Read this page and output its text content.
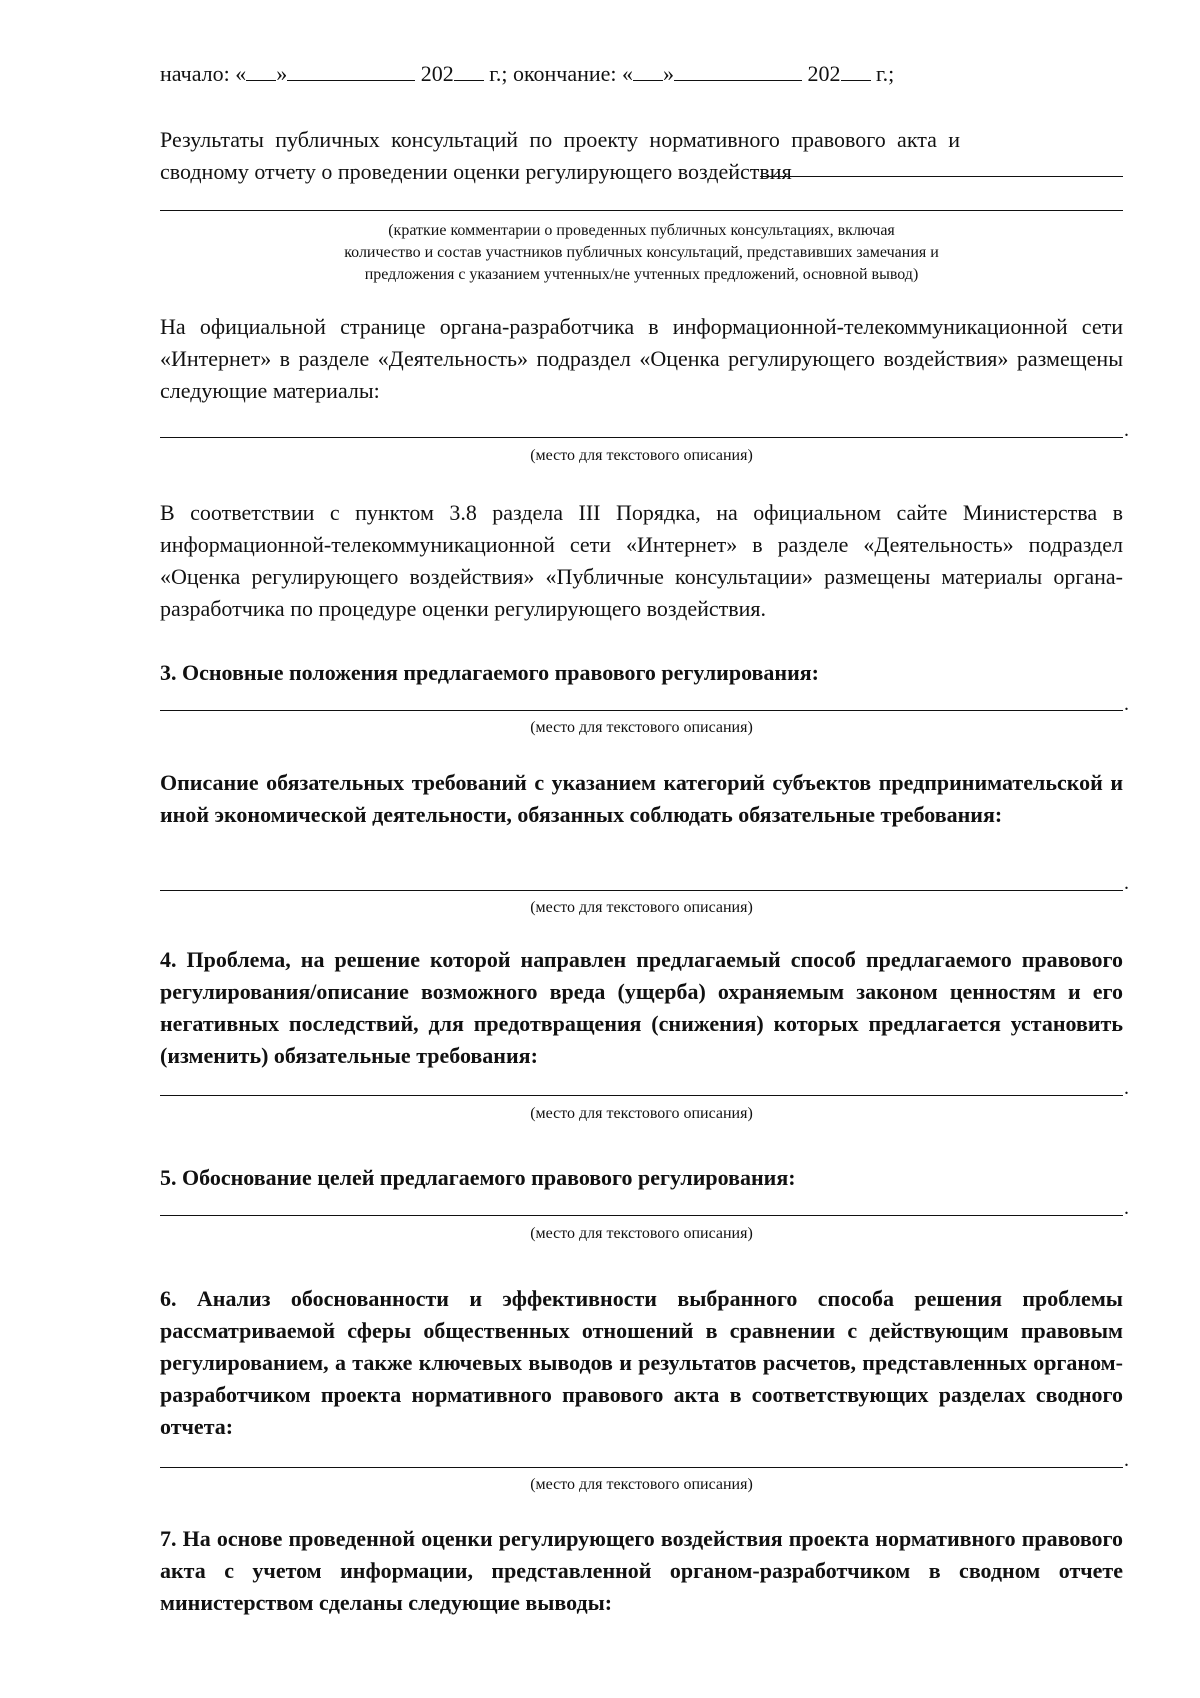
начало: « »	202 г.; окончание: « »	202 г.;

Результаты публичных консультаций по проекту нормативного правового акта и сводному отчету о проведении оценки регулирующего воздействия

(краткие комментарии о проведенных публичных консультациях, включая

количество и состав участников публичных консультаций, представивших замечания и

предложения с указанием учтенных/не учтенных предложений, основной вывод)

На официальной странице органа-разработчика в информационной-телекоммуникационной сети «Интернет» в разделе «Деятельность» подраздел «Оценка регулирующего воздействия» размещены следующие материалы:

.
(место для текстового описания)

В соответствии с пунктом 3.8 раздела III Порядка, на официальном сайте Министерства в информационной-телекоммуникационной сети «Интернет» в разделе «Деятельность» подраздел «Оценка регулирующего воздействия» «Публичные консультации» размещены материалы органа-разработчика по процедуре оценки регулирующего воздействия.

3. Основные положения предлагаемого правового регулирования:

.
(место для текстового описания)

Описание обязательных требований с указанием категорий субъектов предпринимательской и иной экономической деятельности, обязанных соблюдать обязательные требования:

.
(место для текстового описания)

4. Проблема, на решение которой направлен предлагаемый способ предлагаемого правового регулирования/описание возможного вреда (ущерба) охраняемым законом ценностям и его негативных последствий, для предотвращения (снижения) которых предлагается установить (изменить) обязательные требования:

.
(место для текстового описания)

5. Обоснование целей предлагаемого правового регулирования:

.
(место для текстового описания)

6. Анализ обоснованности и эффективности выбранного способа решения проблемы рассматриваемой сферы общественных отношений в сравнении с действующим правовым регулированием, а также ключевых выводов и результатов расчетов, представленных органом-разработчиком проекта нормативного правового акта в соответствующих разделах сводного отчета:

.
(место для текстового описания)

7. На основе проведенной оценки регулирующего воздействия проекта нормативного правового акта с учетом информации, представленной органом-разработчиком в сводном отчете министерством сделаны следующие выводы:
